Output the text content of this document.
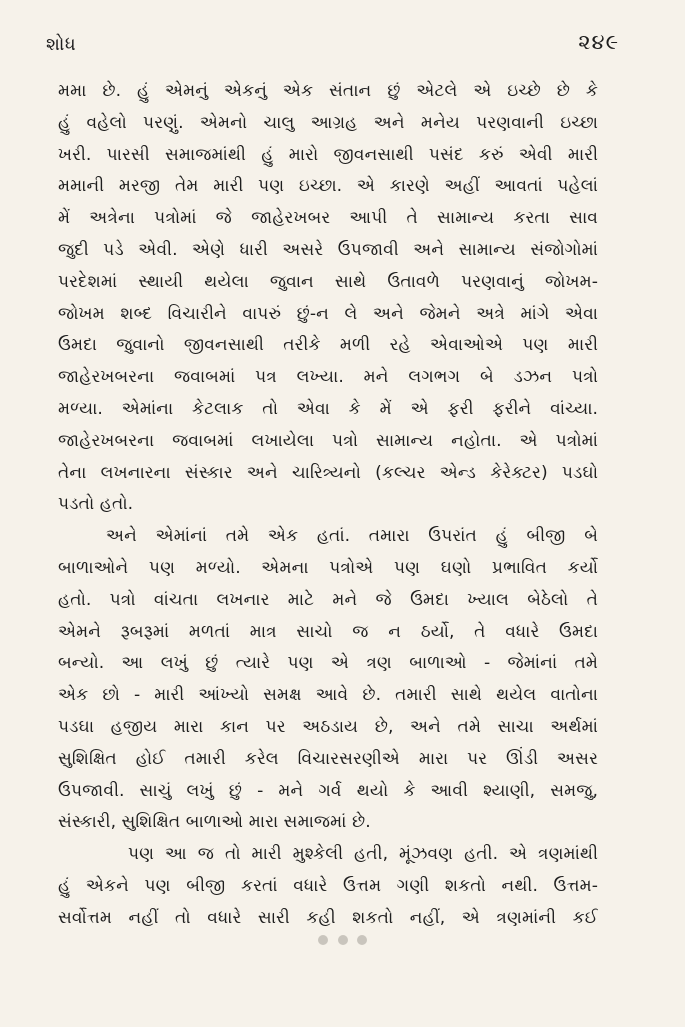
શોધ	૨૪૯
મમા છે. હું એમનું એકનું એક સંતાન છું એટલે એ ઇચ્છે છે કે
હું વહેલો પરણું. એમનો ચાલુ આગ્રહ અને મનેય પરણવાની ઇચ્છા
ખરી. પારસી સમાજમાંથી હું મારો જીવનસાથી પસંદ કરું એવી મારી
મમાની મરજી તેમ મારી પણ ઇચ્છા. એ કારણે અહીં આવતાં પહેલાં
મેં અત્રેના પત્રોમાં જે જાહેરખબર આપી તે સામાન્ય કરતા સાવ
જુદી પડે એવી. એણે ધારી અસરે ઉપજાવી અને સામાન્ય સંજોગોમાં
પરદેશમાં સ્થાયી થયેલા જુવાન સાથે ઉતાવળે પરણવાનું જોખમ-
જોખમ શબ્દ વિચારીને વાપરું છું-ન લે અને જેમને અત્રે માંગે એવા
ઉમદા જુવાનો જીવનસાથી તરીકે મળી રહે એવાઓએ પણ મારી
જાહેરખબરના જવાબમાં પત્ર લખ્યા. મને લગભગ બે ડઝન પત્રો
મળ્યા. એમાંના કેટલાક તો એવા કે મેં એ ફરી ફરીને વાંચ્યા.
જાહેરખબરના જવાબમાં લખાયેલા પત્રો સામાન્ય નહોતા. એ પત્રોમાં
તેના લખનારના સંસ્કાર અને ચારિત્ર્યનો (કલ્ચર એન્ડ કેરેક્ટર) પડઘો
પડતો હતો.
અને એમાંનાં તમે એક હતાં. તમારા ઉપરાંત હું બીજી બે
બાળાઓને પણ મળ્યો. એમના પત્રોએ પણ ઘણો પ્રભાવિત કર્યો
હતો. પત્રો વાંચતા લખનાર માટે મને જે ઉમદા ખ્યાલ બેઠેલો તે
એમને રૂબરૂમાં મળતાં માત્ર સાચો જ ન ઠર્યો, તે વધારે ઉમદા
બન્યો. આ લખું છું ત્યારે પણ એ ત્રણ બાળાઓ - જેમાંનાં તમે
એક છો - મારી આંખ્યો સમક્ષ આવે છે. તમારી સાથે થયેલ વાતોના
પડઘા હજીય મારા કાન પર અઠડાય છે, અને તમે સાચા અર્થમાં
સુશિક્ષિત હોઈ તમારી કરેલ વિચારસરણીએ મારા પર ઊંડી અસર
ઉપજાવી. સાચું લખું છું - મને ગર્વ થયો કે આવી શ્યાણી, સમજુ,
સંસ્કારી, સુશિક્ષિત બાળાઓ મારા સમાજમાં છે.
પણ આ જ તો મારી મુશ્કેલી હતી, મૂંઝવણ હતી. એ ત્રણમાંથી
હું એકને પણ બીજી કરતાં વધારે ઉત્તમ ગણી શકતો નથી. ઉત્તમ-
સર્વોત્તમ નહીં તો વધારે સારી કહી શકતો નહીં, એ ત્રણમાંની કઈ
